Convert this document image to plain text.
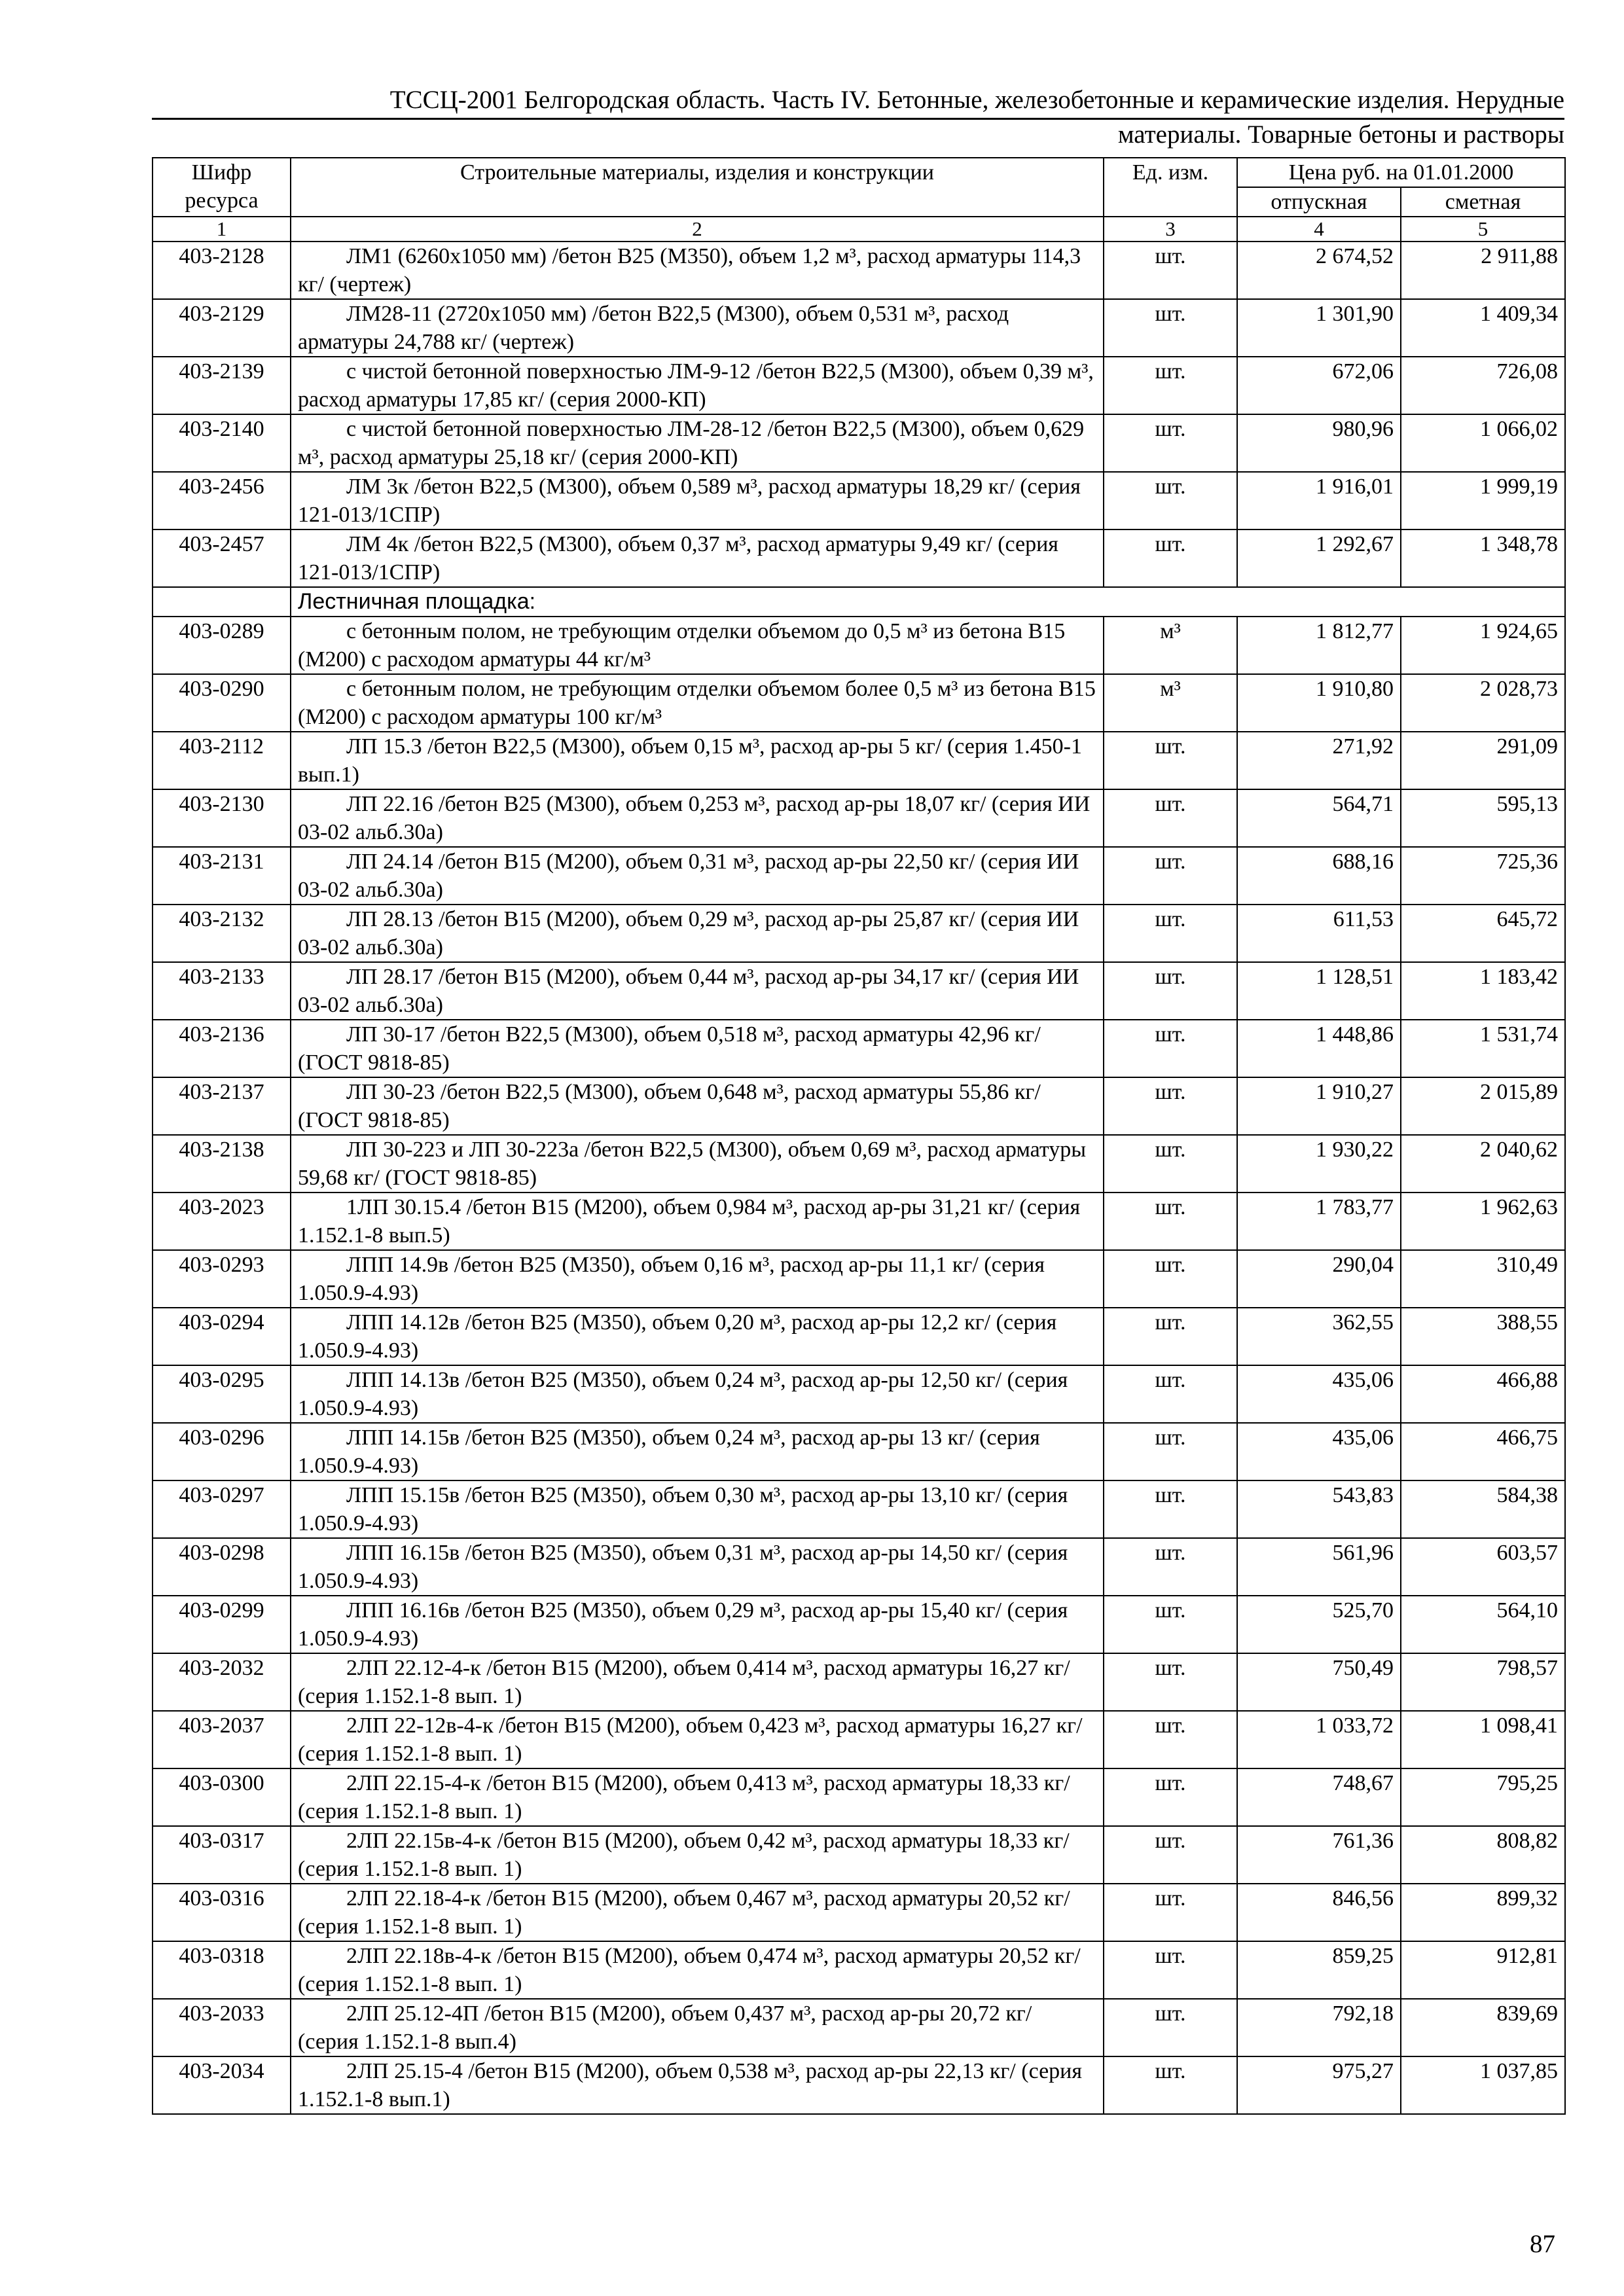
ТССЦ-2001 Белгородская область. Часть IV. Бетонные, железобетонные и керамические изделия. Нерудные
материалы. Товарные бетоны и растворы
Шифр ресурса	Строительные материалы, изделия и конструкции	Ед. изм.	Цена руб. на 01.01.2000	
			отпускная	сметная
1	2	3	4	5
403-2128	ЛМ1 (6260х1050 мм) /бетон В25 (М350), объем 1,2 м³, расход арматуры 114,3 кг/ (чертеж)	шт.	2 674,52	2 911,88
403-2129	ЛМ28-11 (2720х1050 мм) /бетон В22,5 (М300), объем 0,531 м³, расход арматуры 24,788 кг/ (чертеж)	шт.	1 301,90	1 409,34
403-2139	с чистой бетонной поверхностью ЛМ-9-12 /бетон В22,5 (М300), объем 0,39 м³, расход арматуры 17,85 кг/ (серия 2000-КП)	шт.	672,06	726,08
403-2140	с чистой бетонной поверхностью ЛМ-28-12 /бетон В22,5 (М300), объем 0,629 м³, расход арматуры 25,18 кг/ (серия 2000-КП)	шт.	980,96	1 066,02
403-2456	ЛМ 3к /бетон В22,5 (М300), объем 0,589 м³, расход арматуры 18,29 кг/ (серия 121-013/1СПР)	шт.	1 916,01	1 999,19
403-2457	ЛМ 4к /бетон В22,5 (М300), объем 0,37 м³, расход арматуры 9,49 кг/ (серия 121-013/1СПР)	шт.	1 292,67	1 348,78
	Лестничная площадка:			
403-0289	с бетонным полом, не требующим отделки объемом до 0,5 м³ из бетона В15 (М200) с расходом арматуры 44 кг/м³	м³	1 812,77	1 924,65
403-0290	с бетонным полом, не требующим отделки объемом более 0,5 м³ из бетона В15 (М200) с расходом арматуры 100 кг/м³	м³	1 910,80	2 028,73
403-2112	ЛП 15.3 /бетон В22,5 (М300), объем 0,15 м³, расход ар-ры 5 кг/ (серия 1.450-1 вып.1)	шт.	271,92	291,09
403-2130	ЛП 22.16 /бетон В25 (М300), объем 0,253 м³, расход ар-ры 18,07 кг/ (серия ИИ 03-02 альб.30а)	шт.	564,71	595,13
403-2131	ЛП 24.14 /бетон В15 (М200), объем 0,31 м³, расход ар-ры 22,50 кг/ (серия ИИ 03-02 альб.30а)	шт.	688,16	725,36
403-2132	ЛП 28.13 /бетон В15 (М200), объем 0,29 м³, расход ар-ры 25,87 кг/ (серия ИИ 03-02 альб.30а)	шт.	611,53	645,72
403-2133	ЛП 28.17 /бетон В15 (М200), объем 0,44 м³, расход ар-ры 34,17 кг/ (серия ИИ 03-02 альб.30а)	шт.	1 128,51	1 183,42
403-2136	ЛП 30-17 /бетон В22,5 (М300), объем 0,518 м³, расход арматуры 42,96 кг/ (ГОСТ 9818-85)	шт.	1 448,86	1 531,74
403-2137	ЛП 30-23 /бетон В22,5 (М300), объем 0,648 м³, расход арматуры 55,86 кг/ (ГОСТ 9818-85)	шт.	1 910,27	2 015,89
403-2138	ЛП 30-223 и ЛП 30-223а /бетон В22,5 (М300), объем 0,69 м³, расход арматуры 59,68 кг/ (ГОСТ 9818-85)	шт.	1 930,22	2 040,62
403-2023	1ЛП 30.15.4 /бетон В15 (М200), объем 0,984 м³, расход ар-ры 31,21 кг/ (серия 1.152.1-8 вып.5)	шт.	1 783,77	1 962,63
403-0293	ЛПП 14.9в /бетон В25 (М350), объем 0,16 м³, расход ар-ры 11,1 кг/ (серия 1.050.9-4.93)	шт.	290,04	310,49
403-0294	ЛПП 14.12в /бетон В25 (М350), объем 0,20 м³, расход ар-ры 12,2 кг/ (серия 1.050.9-4.93)	шт.	362,55	388,55
403-0295	ЛПП 14.13в /бетон В25 (М350), объем 0,24 м³, расход ар-ры 12,50 кг/ (серия 1.050.9-4.93)	шт.	435,06	466,88
403-0296	ЛПП 14.15в /бетон В25 (М350), объем 0,24 м³, расход ар-ры 13 кг/ (серия 1.050.9-4.93)	шт.	435,06	466,75
403-0297	ЛПП 15.15в /бетон В25 (М350), объем 0,30 м³, расход ар-ры 13,10 кг/ (серия 1.050.9-4.93)	шт.	543,83	584,38
403-0298	ЛПП 16.15в /бетон В25 (М350), объем 0,31 м³, расход ар-ры 14,50 кг/ (серия 1.050.9-4.93)	шт.	561,96	603,57
403-0299	ЛПП 16.16в /бетон В25 (М350), объем 0,29 м³, расход ар-ры 15,40 кг/ (серия 1.050.9-4.93)	шт.	525,70	564,10
403-2032	2ЛП 22.12-4-к /бетон В15 (М200), объем 0,414 м³, расход арматуры 16,27 кг/ (серия 1.152.1-8 вып. 1)	шт.	750,49	798,57
403-2037	2ЛП 22-12в-4-к /бетон В15 (М200), объем 0,423 м³, расход арматуры 16,27 кг/ (серия 1.152.1-8 вып. 1)	шт.	1 033,72	1 098,41
403-0300	2ЛП 22.15-4-к /бетон В15 (М200), объем 0,413 м³, расход арматуры 18,33 кг/ (серия 1.152.1-8 вып. 1)	шт.	748,67	795,25
403-0317	2ЛП 22.15в-4-к /бетон В15 (М200), объем 0,42 м³, расход арматуры 18,33 кг/ (серия 1.152.1-8 вып. 1)	шт.	761,36	808,82
403-0316	2ЛП 22.18-4-к /бетон В15 (М200), объем 0,467 м³, расход арматуры 20,52 кг/ (серия 1.152.1-8 вып. 1)	шт.	846,56	899,32
403-0318	2ЛП 22.18в-4-к /бетон В15 (М200), объем 0,474 м³, расход арматуры 20,52 кг/ (серия 1.152.1-8 вып. 1)	шт.	859,25	912,81
403-2033	2ЛП 25.12-4П /бетон В15 (М200), объем 0,437 м³, расход ар-ры 20,72 кг/ (серия 1.152.1-8 вып.4)	шт.	792,18	839,69
403-2034	2ЛП 25.15-4 /бетон В15 (М200), объем 0,538 м³, расход ар-ры 22,13 кг/ (серия 1.152.1-8 вып.1)	шт.	975,27	1 037,85
87
